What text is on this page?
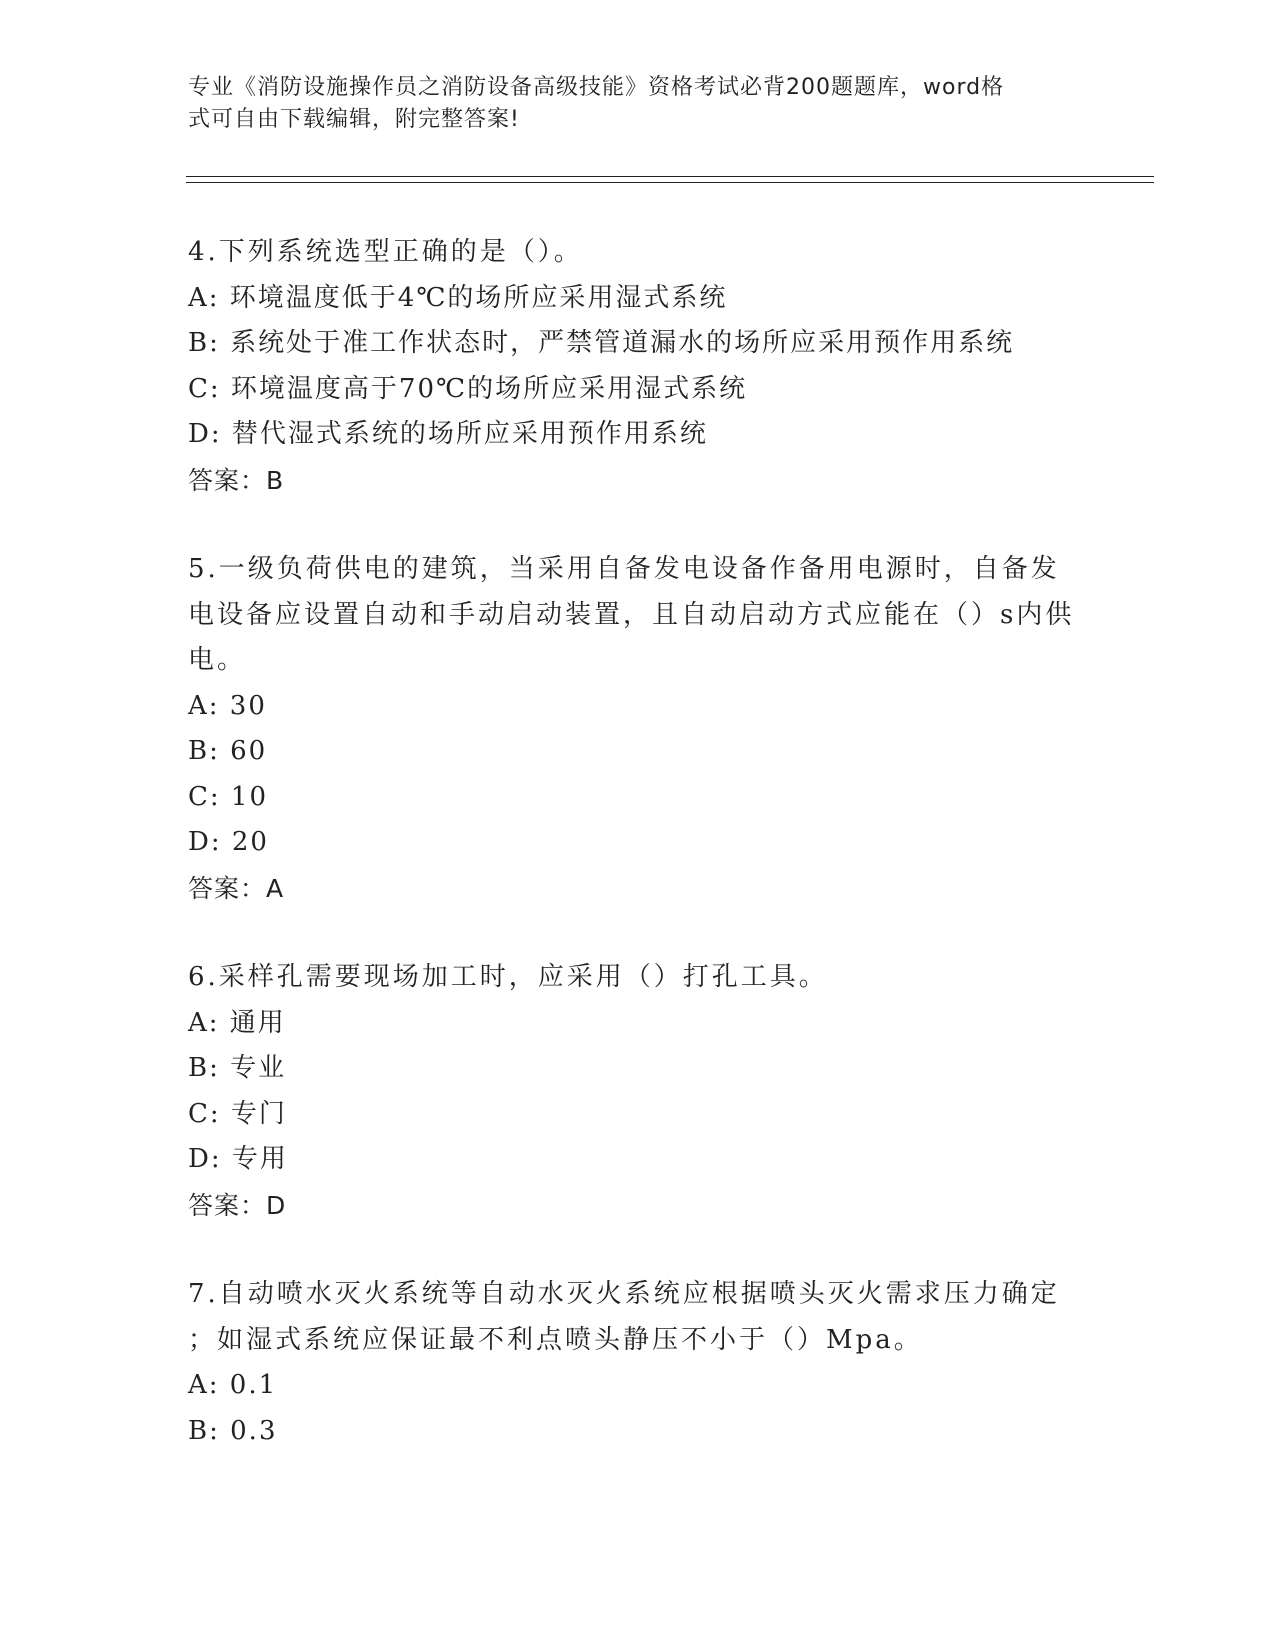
专业《消防设施操作员之消防设备高级技能》资格考试必背200题题库，word格
式可自由下载编辑，附完整答案!
4.下列系统选型正确的是（）。
A: 环境温度低于4℃的场所应采用湿式系统
B: 系统处于准工作状态时，严禁管道漏水的场所应采用预作用系统
C: 环境温度高于70℃的场所应采用湿式系统
D: 替代湿式系统的场所应采用预作用系统
答案：B
5.一级负荷供电的建筑，当采用自备发电设备作备用电源时，自备发
电设备应设置自动和手动启动装置，且自动启动方式应能在（）s内供
电。
A: 30
B: 60
C: 10
D: 20
答案：A
6.采样孔需要现场加工时，应采用（）打孔工具。
A: 通用
B: 专业
C: 专门
D: 专用
答案：D
7.自动喷水灭火系统等自动水灭火系统应根据喷头灭火需求压力确定
；如湿式系统应保证最不利点喷头静压不小于（）Mpa。
A: 0.1
B: 0.3
